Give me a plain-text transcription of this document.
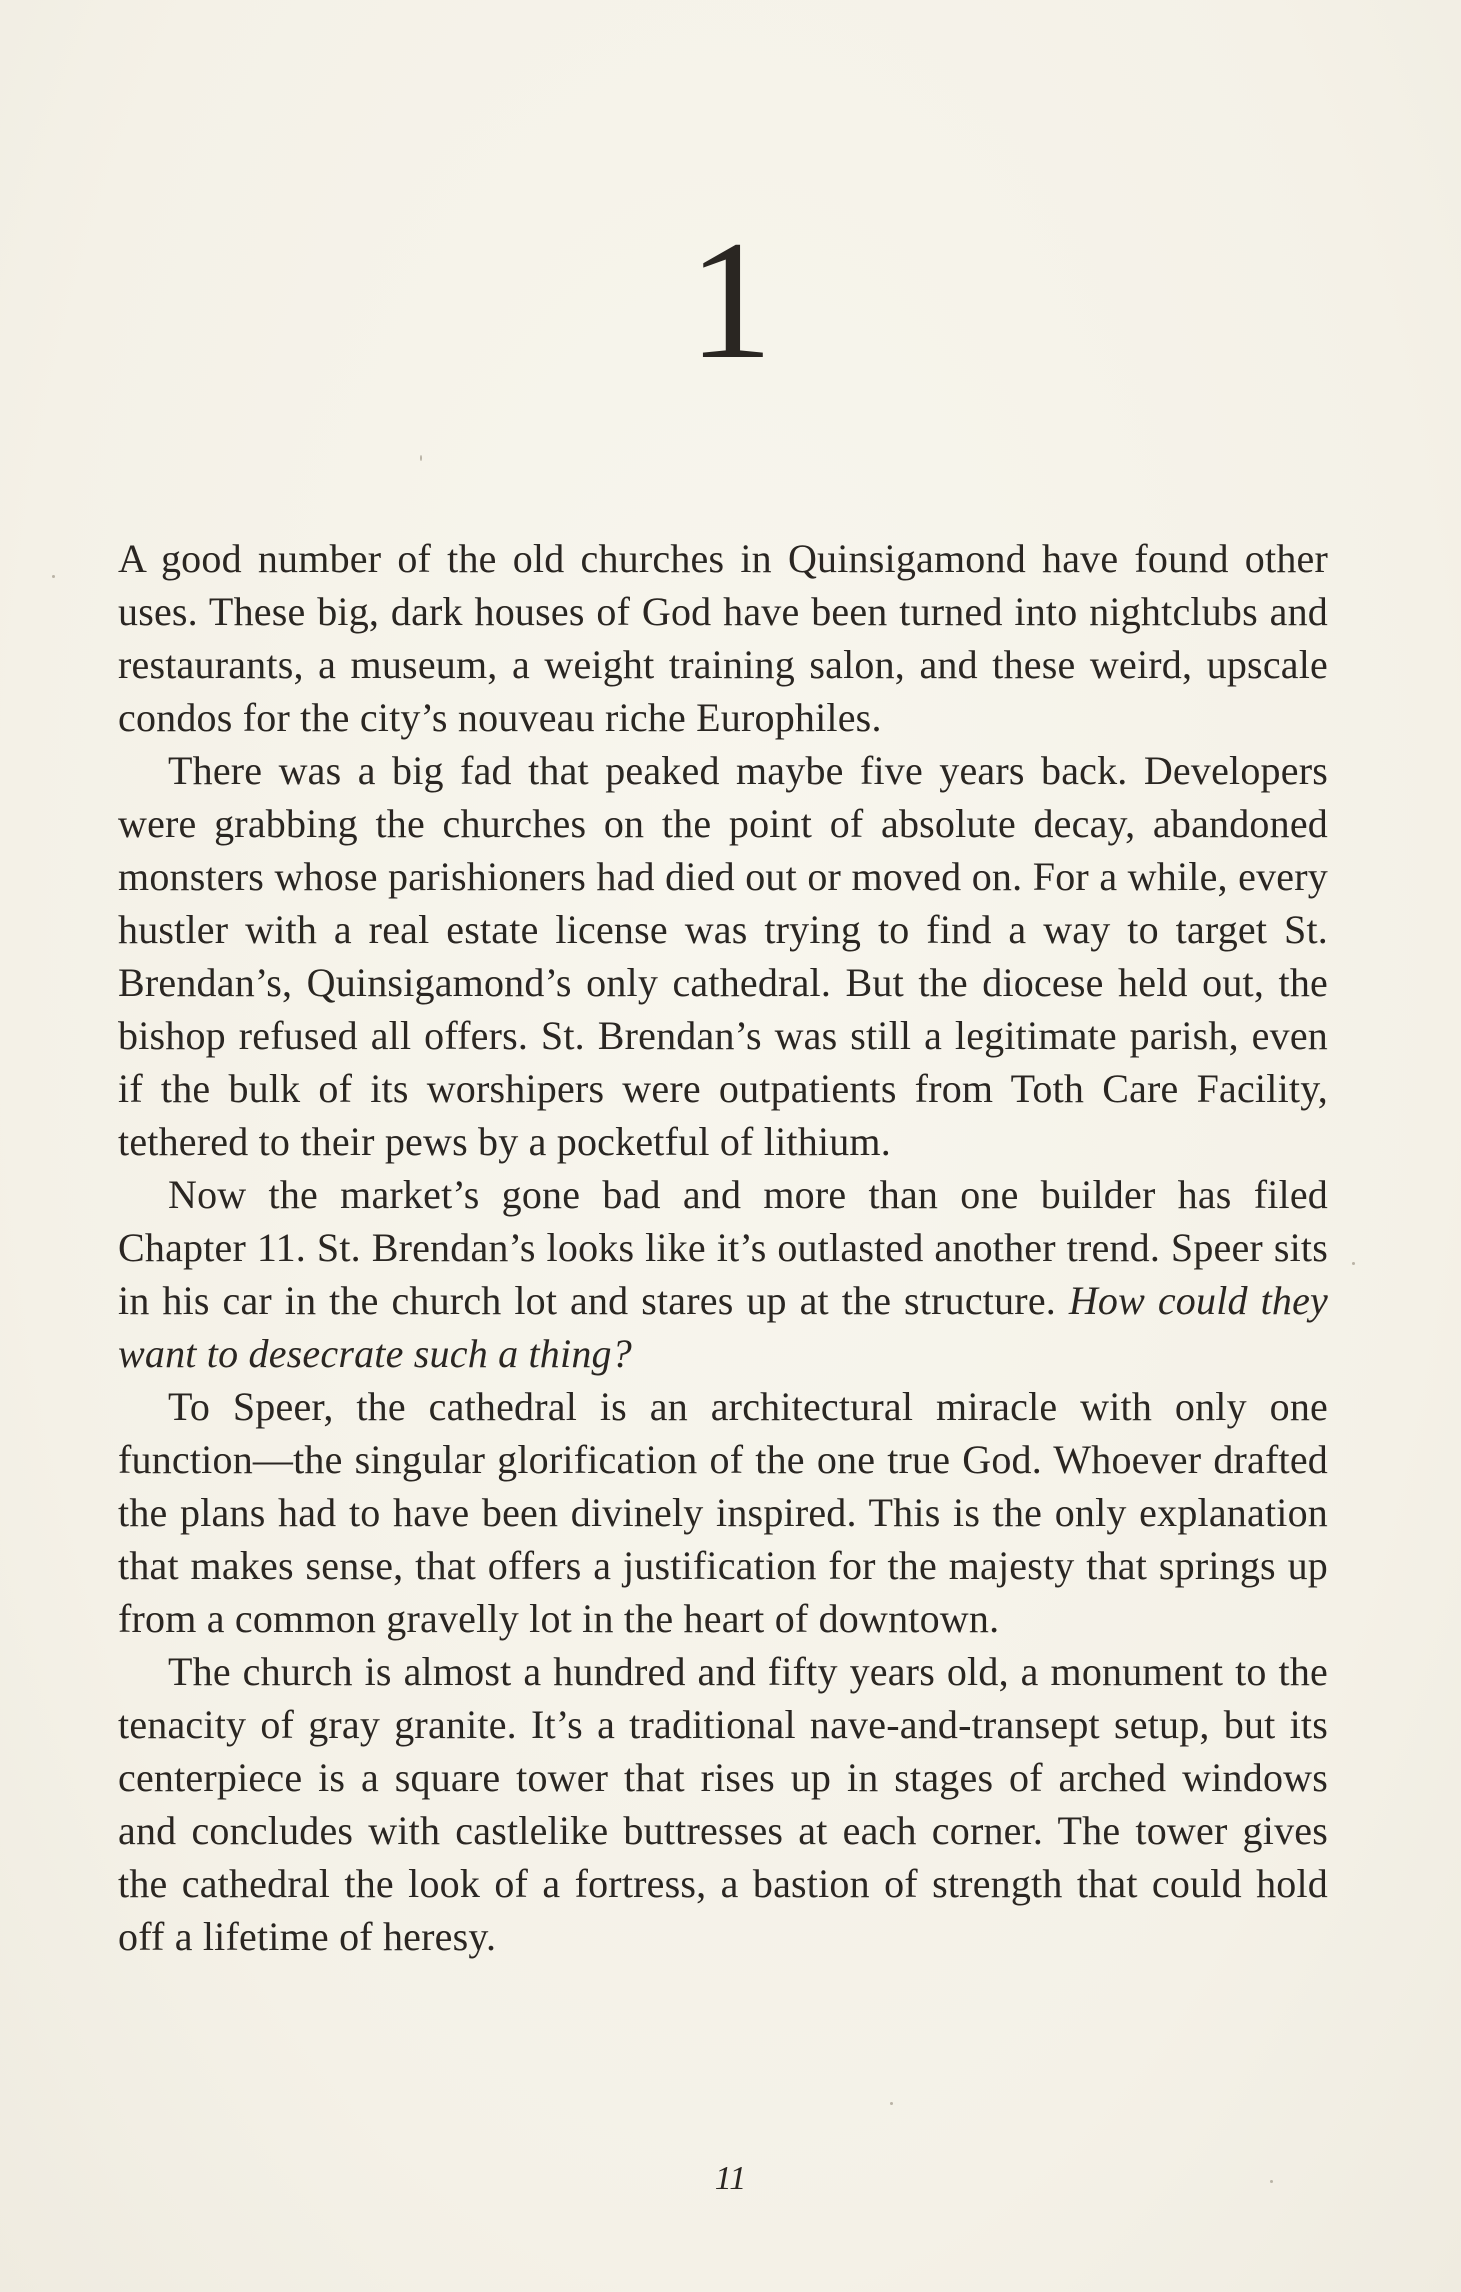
1

A good number of the old churches in Quinsigamond have found other uses. These big, dark houses of God have been turned into nightclubs and restaurants, a museum, a weight training salon, and these weird, upscale condos for the city’s nouveau riche Europhiles.

There was a big fad that peaked maybe five years back. Developers were grabbing the churches on the point of absolute decay, abandoned monsters whose parishioners had died out or moved on. For a while, every hustler with a real estate license was trying to find a way to target St. Brendan’s, Quinsigamond’s only cathedral. But the diocese held out, the bishop refused all offers. St. Brendan’s was still a legitimate parish, even if the bulk of its worshipers were outpatients from Toth Care Facility, tethered to their pews by a pocketful of lithium.

Now the market’s gone bad and more than one builder has filed Chapter 11. St. Brendan’s looks like it’s outlasted another trend. Speer sits in his car in the church lot and stares up at the structure. How could they want to desecrate such a thing?

To Speer, the cathedral is an architectural miracle with only one function—the singular glorification of the one true God. Whoever drafted the plans had to have been divinely inspired. This is the only explanation that makes sense, that offers a justification for the majesty that springs up from a common gravelly lot in the heart of downtown.

The church is almost a hundred and fifty years old, a monument to the tenacity of gray granite. It’s a traditional nave-and-transept setup, but its centerpiece is a square tower that rises up in stages of arched windows and concludes with castlelike buttresses at each corner. The tower gives the cathedral the look of a fortress, a bastion of strength that could hold off a lifetime of heresy.

11
